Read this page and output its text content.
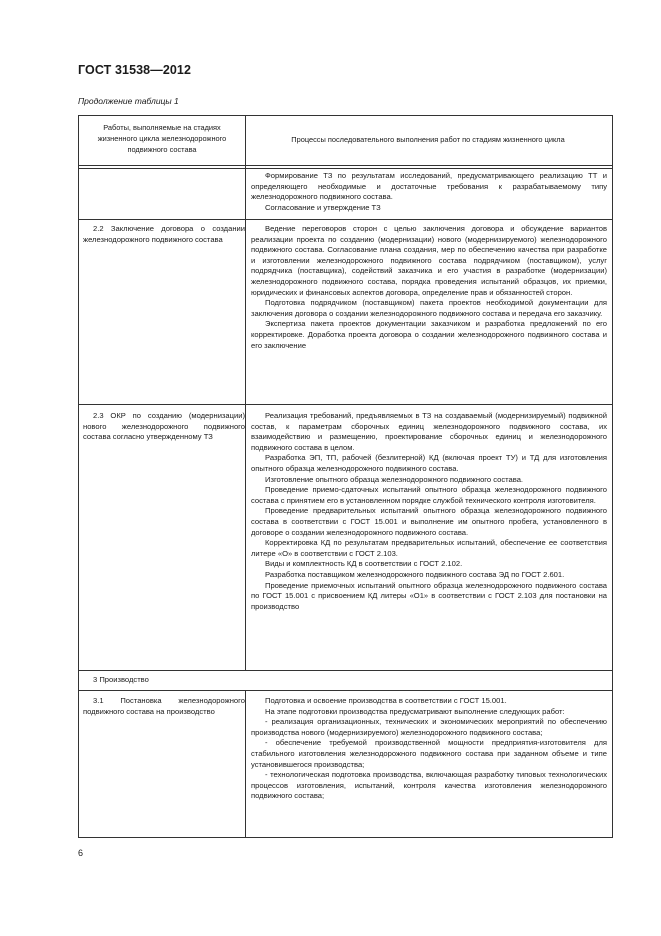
ГОСТ 31538—2012
Продолжение таблицы 1
Работы, выполняемые на стадиях жизненного цикла железнодорожного подвижного состава
Процессы последовательного выполнения работ по стадиям жизненного цикла

Формирование ТЗ по результатам исследований, предусматривающего реализацию ТТ и определяющего необходимые и достаточные требования к разрабатываемому типу железнодорожного подвижного состава.

Согласование и утверждение ТЗ

2.2 Заключение договора о создании железнодорожного подвижного состава

Ведение переговоров сторон с целью заключения договора и обсуждение вариантов реализации проекта по созданию (модернизации) нового (модернизируемого) железнодорожного подвижного состава. Согласование плана создания, мер по обеспечению качества при разработке и изготовлении железнодорожного подвижного состава подрядчиком (поставщиком), услуг подрядчика (поставщика), содействий заказчика и его участия в разработке (модернизации) железнодорожного подвижного состава, порядка проведения испытаний образцов, их приемки, юридических и финансовых аспектов договора, определение прав и обязанностей сторон.

Подготовка подрядчиком (поставщиком) пакета проектов необходимой документации для заключения договора о создании железнодорожного подвижного состава и передача его заказчику.

Экспертиза пакета проектов документации заказчиком и разработка предложений по его корректировке. Доработка проекта договора о создании железнодорожного подвижного состава и его заключение

2.3 ОКР по созданию (модернизации) нового железнодорожного подвижного состава согласно утвержденному ТЗ

Реализация требований, предъявляемых в ТЗ на создаваемый (модернизируемый) подвижной состав, к параметрам сборочных единиц железнодорожного подвижного состава, их взаимодействию и размещению, проектирование сборочных единиц и железнодорожного подвижного состава в целом.

Разработка ЭП, ТП, рабочей (безлитерной) КД (включая проект ТУ) и ТД для изготовления опытного образца железнодорожного подвижного состава.

Изготовление опытного образца железнодорожного подвижного состава.

Проведение приемо-сдаточных испытаний опытного образца железнодорожного подвижного состава с принятием его в установленном порядке службой технического контроля изготовителя.

Проведение предварительных испытаний опытного образца железнодорожного подвижного состава в соответствии с ГОСТ 15.001 и выполнение им опытного пробега, установленного в договоре о создании железнодорожного подвижного состава.

Корректировка КД по результатам предварительных испытаний, обеспечение ее соответствия литере «О» в соответствии с ГОСТ 2.103.

Виды и комплектность КД в соответствии с ГОСТ 2.102.

Разработка поставщиком железнодорожного подвижного состава ЭД по ГОСТ 2.601.

Проведение приемочных испытаний опытного образца железнодорожного подвижного состава по ГОСТ 15.001 с присвоением КД литеры «О1» в соответствии с ГОСТ 2.103 для постановки на производство

3 Производство

3.1 Постановка железнодорожного подвижного состава на производство

Подготовка и освоение производства в соответствии с ГОСТ 15.001.

На этапе подготовки производства предусматривают выполнение следующих работ:

- реализация организационных, технических и экономических мероприятий по обеспечению производства нового (модернизируемого) железнодорожного подвижного состава;

- обеспечение требуемой производственной мощности предприятия-изготовителя для стабильного изготовления железнодорожного подвижного состава при заданном объеме и типе установившегося производства;

- технологическая подготовка производства, включающая разработку типовых технологических процессов изготовления, испытаний, контроля качества изготовления железнодорожного подвижного состава;

6
